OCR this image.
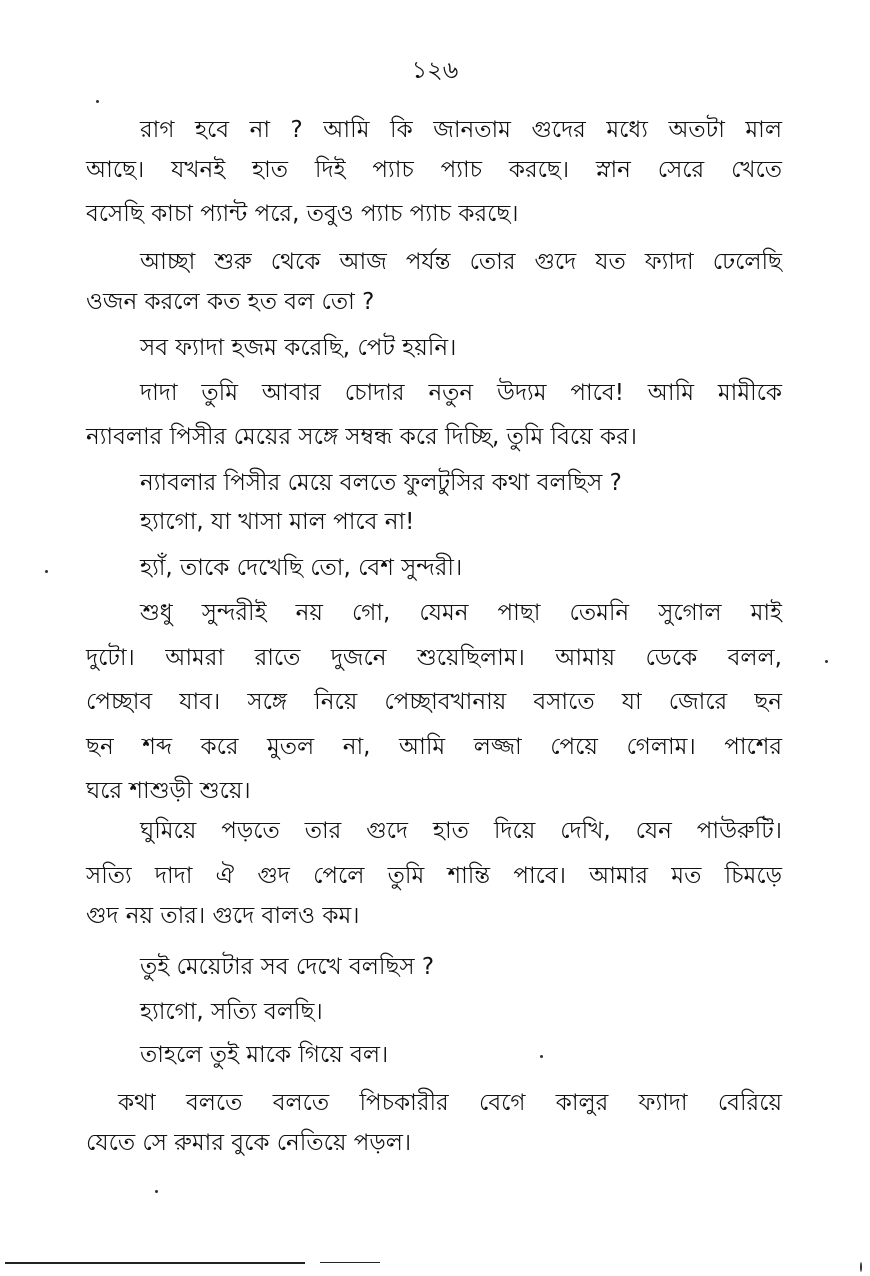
১২৬
রাগ হবে না ? আমি কি জানতাম গুদের মধ্যে অতটা মাল
আছে। যখনই হাত দিই প্যাচ প্যাচ করছে। স্নান সেরে খেতে
বসেছি কাচা প্যান্ট পরে, তবুও প্যাচ প্যাচ করছে।
আচ্ছা শুরু থেকে আজ পর্যন্ত তোর গুদে যত ফ্যাদা ঢেলেছি
ওজন করলে কত হত বল তো ?
সব ফ্যাদা হজম করেছি, পেট হয়নি।
দাদা তুমি আবার চোদার নতুন উদ্যম পাবে! আমি মামীকে
ন্যাবলার পিসীর মেয়ের সঙ্গে সম্বন্ধ করে দিচ্ছি, তুমি বিয়ে কর।
ন্যাবলার পিসীর মেয়ে বলতে ফুলটুসির কথা বলছিস ?
হ্যাগো, যা খাসা মাল পাবে না!
হ্যাঁ, তাকে দেখেছি তো, বেশ সুন্দরী।
শুধু সুন্দরীই নয় গো, যেমন পাছা তেমনি সুগোল মাই
দুটো। আমরা রাতে দুজনে শুয়েছিলাম। আমায় ডেকে বলল,
পেচ্ছাব যাব। সঙ্গে নিয়ে পেচ্ছাবখানায় বসাতে যা জোরে ছন
ছন শব্দ করে মুতল না, আমি লজ্জা পেয়ে গেলাম। পাশের
ঘরে শাশুড়ী শুয়ে।
ঘুমিয়ে পড়তে তার গুদে হাত দিয়ে দেখি, যেন পাউরুটি।
সত্যি দাদা ঐ গুদ পেলে তুমি শান্তি পাবে। আমার মত চিমড়ে
গুদ নয় তার। গুদে বালও কম।
তুই মেয়েটার সব দেখে বলছিস ?
হ্যাগো, সত্যি বলছি।
তাহলে তুই মাকে গিয়ে বল।
কথা বলতে বলতে পিচকারীর বেগে কালুর ফ্যাদা বেরিয়ে
যেতে সে রুমার বুকে নেতিয়ে পড়ল।
